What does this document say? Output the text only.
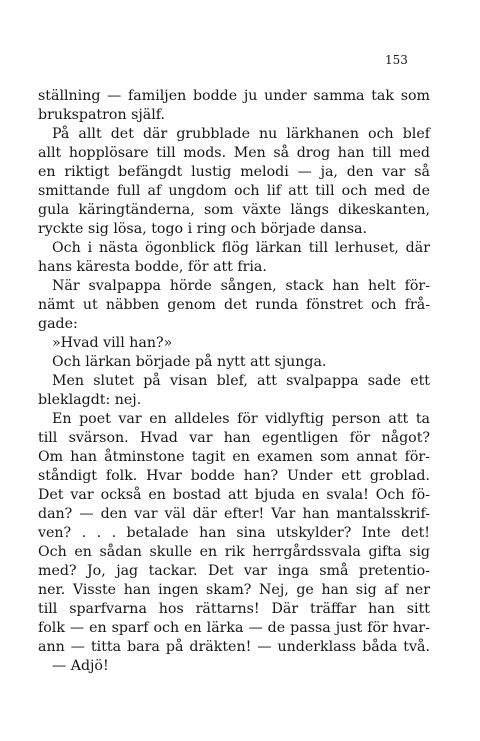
153
ställning — familjen bodde ju under samma tak som
brukspatron själf.
På allt det där grubblade nu lärkhanen och blef
allt hopplösare till mods. Men så drog han till med
en riktigt befängdt lustig melodi — ja, den var så
smittande full af ungdom och lif att till och med de
gula käringtänderna, som växte längs dikeskanten,
ryckte sig lösa, togo i ring och började dansa.
Och i nästa ögonblick flög lärkan till lerhuset, där
hans käresta bodde, för att fria.
När svalpappa hörde sången, stack han helt för-
nämt ut näbben genom det runda fönstret och frå-
gade:
»Hvad vill han?»
Och lärkan började på nytt att sjunga.
Men slutet på visan blef, att svalpappa sade ett
bleklagdt: nej.
En poet var en alldeles för vidlyftig person att ta
till svärson. Hvad var han egentligen för något?
Om han åtminstone tagit en examen som annat för-
ståndigt folk. Hvar bodde han? Under ett groblad.
Det var också en bostad att bjuda en svala! Och fö-
dan? — den var väl där efter! Var han mantalsskrif-
ven? . . . betalade han sina utskylder? Inte det!
Och en sådan skulle en rik herrgårdssvala gifta sig
med? Jo, jag tackar. Det var inga små pretentio-
ner. Visste han ingen skam? Nej, ge han sig af ner
till sparfvarna hos rättarns! Där träffar han sitt
folk — en sparf och en lärka — de passa just för hvar-
ann — titta bara på dräkten! — underklass båda två.
— Adjö!
